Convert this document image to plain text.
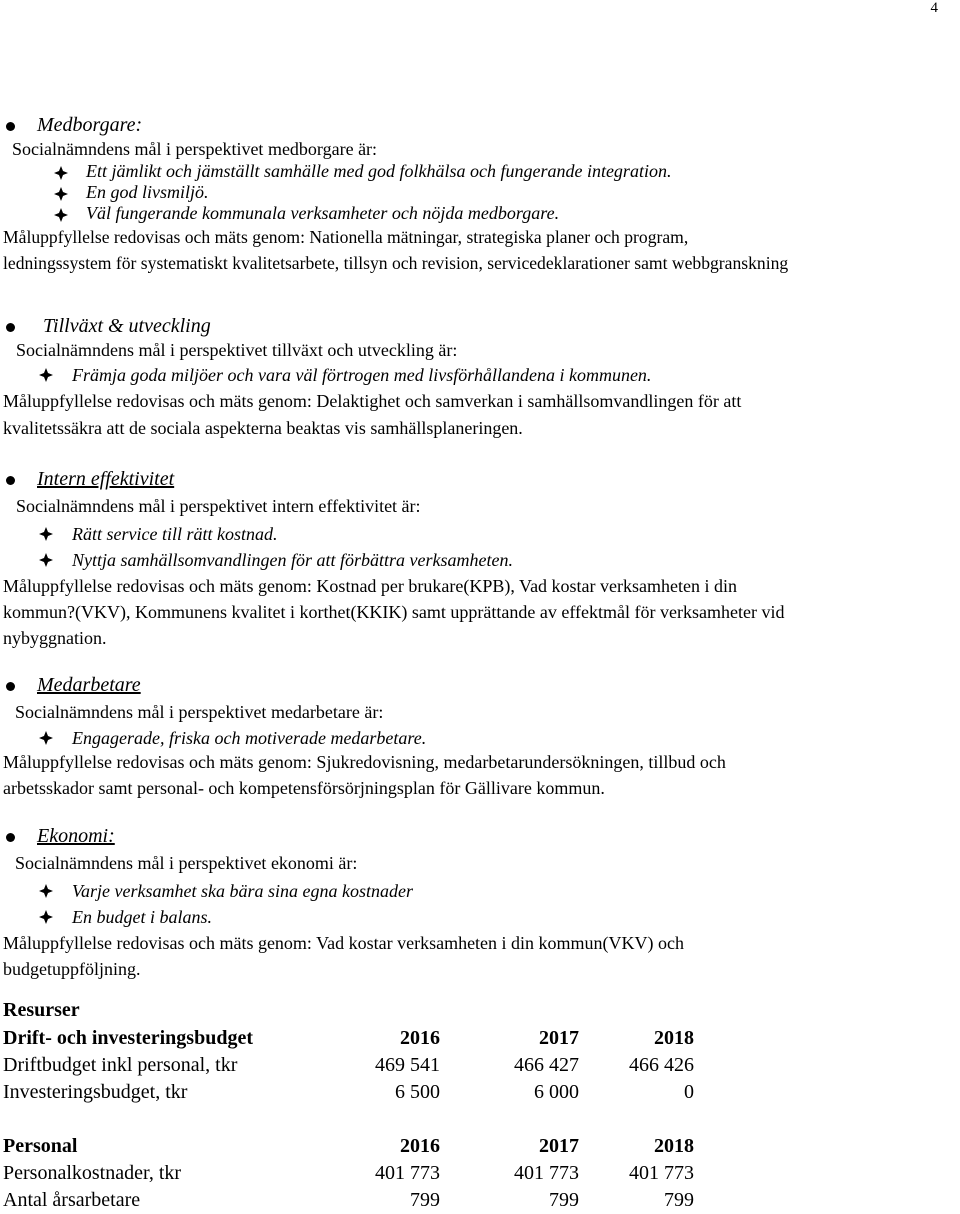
4
Medborgare:
Socialnämndens mål i perspektivet medborgare är:
Ett jämlikt och jämställt samhälle med god folkhälsa och fungerande integration.
En god livsmiljö.
Väl fungerande kommunala verksamheter och nöjda medborgare.
Måluppfyllelse redovisas och mäts genom: Nationella mätningar, strategiska planer och program,
ledningssystem för systematiskt kvalitetsarbete, tillsyn och revision, servicedeklarationer samt webbgranskning
Tillväxt & utveckling
Socialnämndens mål i perspektivet tillväxt och utveckling är:
Främja goda miljöer och vara väl förtrogen med livsförhållandena i kommunen.
Måluppfyllelse redovisas och mäts genom: Delaktighet och samverkan i samhällsomvandlingen för att
kvalitetssäkra att de sociala aspekterna beaktas vis samhällsplaneringen.
Intern effektivitet
Socialnämndens mål i perspektivet intern effektivitet är:
Rätt service till rätt kostnad.
Nyttja samhällsomvandlingen för att förbättra verksamheten.
Måluppfyllelse redovisas och mäts genom: Kostnad per brukare(KPB), Vad kostar verksamheten i din
kommun?(VKV), Kommunens kvalitet i korthet(KKIK) samt upprättande av effektmål för verksamheter vid
nybyggnation.
Medarbetare
Socialnämndens mål i perspektivet medarbetare är:
Engagerade, friska och motiverade medarbetare.
Måluppfyllelse redovisas och mäts genom: Sjukredovisning, medarbetarundersökningen, tillbud och
arbetsskador samt personal- och kompetensförsörjningsplan för Gällivare kommun.
Ekonomi:
Socialnämndens mål i perspektivet ekonomi är:
Varje verksamhet ska bära sina egna kostnader
En budget i balans.
Måluppfyllelse redovisas och mäts genom: Vad kostar verksamheten i din kommun(VKV) och
budgetuppföljning.
Resurser
Drift- och investeringsbudget	2016	2017	2018
Driftbudget inkl personal, tkr	469 541	466 427	466 426
Investeringsbudget, tkr	6 500	6 000	0
Personal	2016	2017	2018
Personalkostnader, tkr	401 773	401 773	401 773
Antal årsarbetare	799	799	799
